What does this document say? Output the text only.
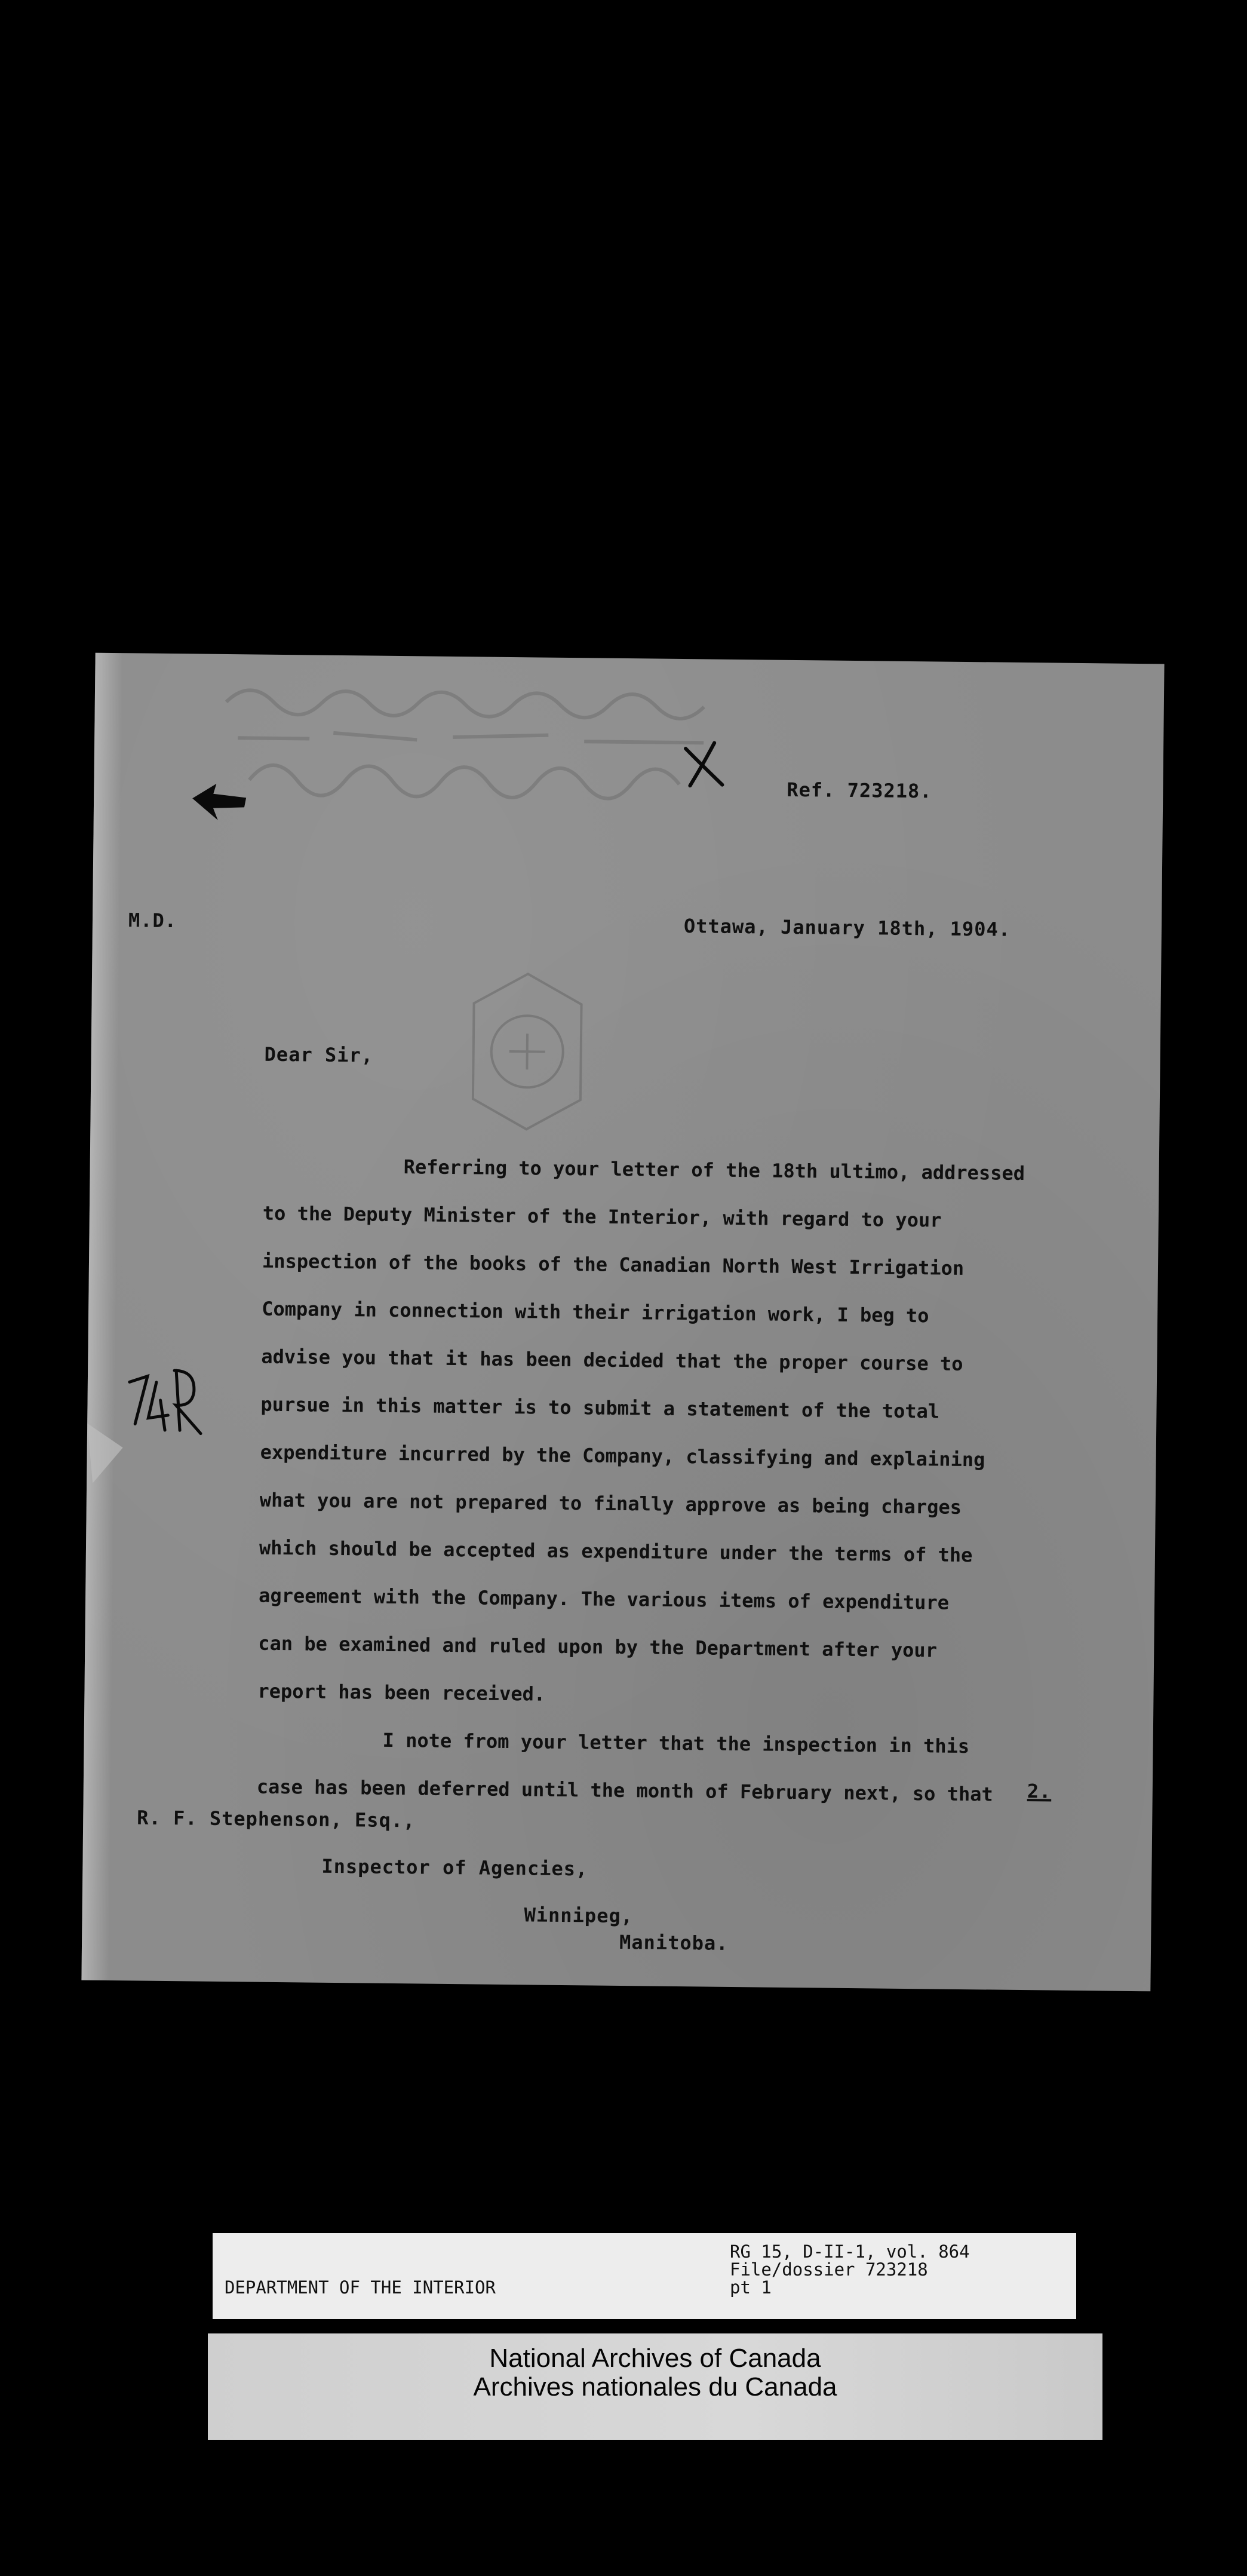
Ref. 723218.
M.D.	Ottawa, January 18th, 1904.
Dear Sir,
Referring to your letter of the 18th ultimo, addressed
to the Deputy Minister of the Interior, with regard to your
inspection of the books of the Canadian North West Irrigation
Company in connection with their irrigation work, I beg to
advise you that it has been decided that the proper course to
pursue in this matter is to submit a statement of the total
expenditure incurred by the Company, classifying and explaining
what you are not prepared to finally approve as being charges
which should be accepted as expenditure under the terms of the
agreement with the Company. The various items of expenditure
can be examined and ruled upon by the Department after your
report has been received.
I note from your letter that the inspection in this
case has been deferred until the month of February next, so that	2.
R. F. Stephenson, Esq.,
Inspector of Agencies,
Winnipeg,
Manitoba.

DEPARTMENT OF THE INTERIOR

RG 15, D-II-1, vol. 864
File/dossier 723218
pt 1
National Archives of Canada
Archives nationales du Canada
